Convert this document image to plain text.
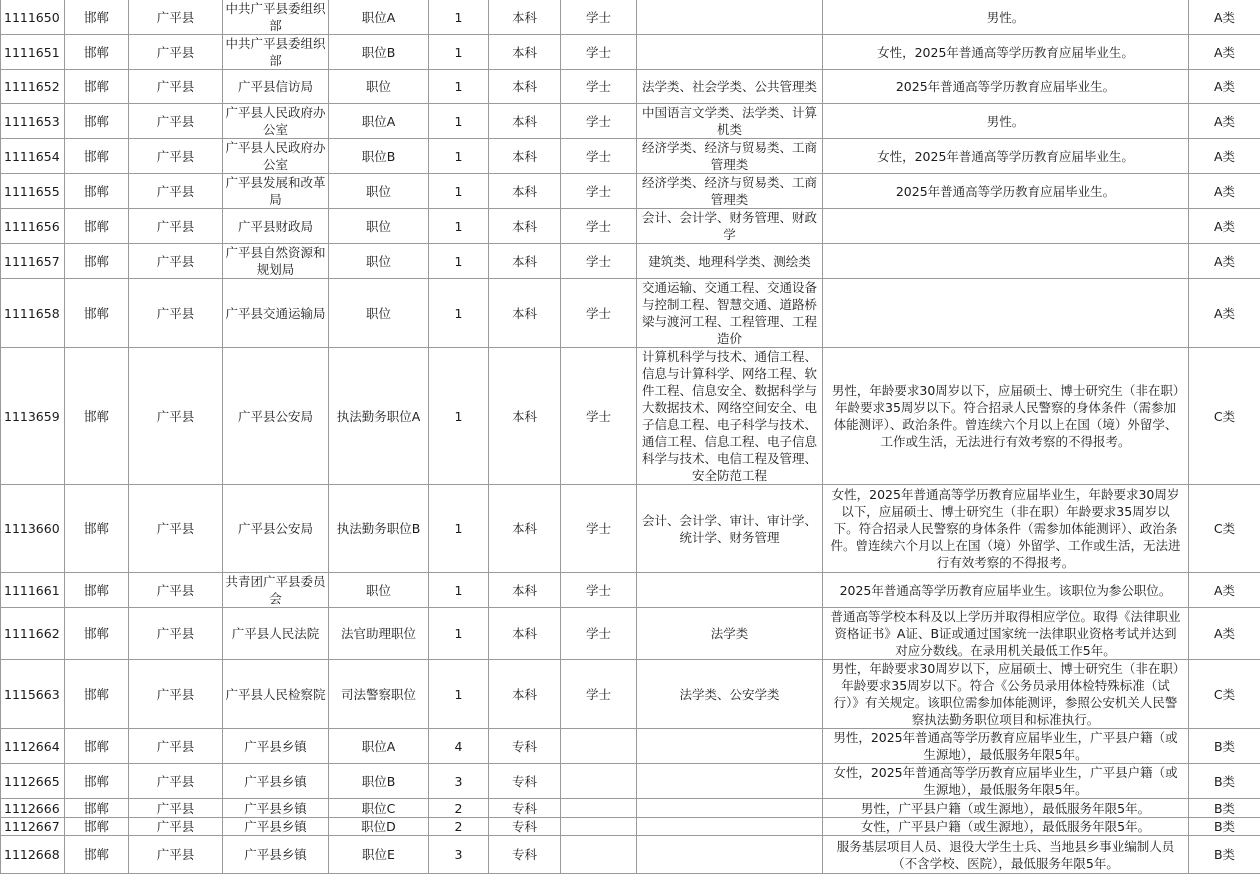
1111650	邯郸	广平县	中共广平县委组织部	职位A	1	本科	学士		男性。	A类
1111651	邯郸	广平县	中共广平县委组织部	职位B	1	本科	学士		女性，2025年普通高等学历教育应届毕业生。	A类
1111652	邯郸	广平县	广平县信访局	职位	1	本科	学士	法学类、社会学类、公共管理类	2025年普通高等学历教育应届毕业生。	A类
1111653	邯郸	广平县	广平县人民政府办公室	职位A	1	本科	学士	中国语言文学类、法学类、计算机类	男性。	A类
1111654	邯郸	广平县	广平县人民政府办公室	职位B	1	本科	学士	经济学类、经济与贸易类、工商管理类	女性，2025年普通高等学历教育应届毕业生。	A类
1111655	邯郸	广平县	广平县发展和改革局	职位	1	本科	学士	经济学类、经济与贸易类、工商管理类	2025年普通高等学历教育应届毕业生。	A类
1111656	邯郸	广平县	广平县财政局	职位	1	本科	学士	会计、会计学、财务管理、财政学		A类
1111657	邯郸	广平县	广平县自然资源和规划局	职位	1	本科	学士	建筑类、地理科学类、测绘类		A类
1111658	邯郸	广平县	广平县交通运输局	职位	1	本科	学士	交通运输、交通工程、交通设备与控制工程、智慧交通、道路桥梁与渡河工程、工程管理、工程造价		A类
1113659	邯郸	广平县	广平县公安局	执法勤务职位A	1	本科	学士	计算机科学与技术、通信工程、信息与计算科学、网络工程、软件工程、信息安全、数据科学与大数据技术、网络空间安全、电子信息工程、电子科学与技术、通信工程、信息工程、电子信息科学与技术、电信工程及管理、安全防范工程	男性，年龄要求30周岁以下，应届硕士、博士研究生（非在职）年龄要求35周岁以下。符合招录人民警察的身体条件（需参加体能测评）、政治条件。曾连续六个月以上在国（境）外留学、工作或生活，无法进行有效考察的不得报考。	C类
1113660	邯郸	广平县	广平县公安局	执法勤务职位B	1	本科	学士	会计、会计学、审计、审计学、统计学、财务管理	女性，2025年普通高等学历教育应届毕业生，年龄要求30周岁以下，应届硕士、博士研究生（非在职）年龄要求35周岁以下。符合招录人民警察的身体条件（需参加体能测评）、政治条件。曾连续六个月以上在国（境）外留学、工作或生活，无法进行有效考察的不得报考。	C类
1111661	邯郸	广平县	共青团广平县委员会	职位	1	本科	学士		2025年普通高等学历教育应届毕业生。该职位为参公职位。	A类
1111662	邯郸	广平县	广平县人民法院	法官助理职位	1	本科	学士	法学类	普通高等学校本科及以上学历并取得相应学位。取得《法律职业资格证书》A证、B证或通过国家统一法律职业资格考试并达到对应分数线。在录用机关最低工作5年。	A类
1115663	邯郸	广平县	广平县人民检察院	司法警察职位	1	本科	学士	法学类、公安学类	男性，年龄要求30周岁以下，应届硕士、博士研究生（非在职）年龄要求35周岁以下。符合《公务员录用体检特殊标准（试行）》有关规定。该职位需参加体能测评，参照公安机关人民警察执法勤务职位项目和标准执行。	C类
1112664	邯郸	广平县	广平县乡镇	职位A	4	专科			男性，2025年普通高等学历教育应届毕业生，广平县户籍（或生源地），最低服务年限5年。	B类
1112665	邯郸	广平县	广平县乡镇	职位B	3	专科			女性，2025年普通高等学历教育应届毕业生，广平县户籍（或生源地），最低服务年限5年。	B类
1112666	邯郸	广平县	广平县乡镇	职位C	2	专科			男性，广平县户籍（或生源地），最低服务年限5年。	B类
1112667	邯郸	广平县	广平县乡镇	职位D	2	专科			女性，广平县户籍（或生源地），最低服务年限5年。	B类
1112668	邯郸	广平县	广平县乡镇	职位E	3	专科			服务基层项目人员、退役大学生士兵、当地县乡事业编制人员（不含学校、医院），最低服务年限5年。	B类
